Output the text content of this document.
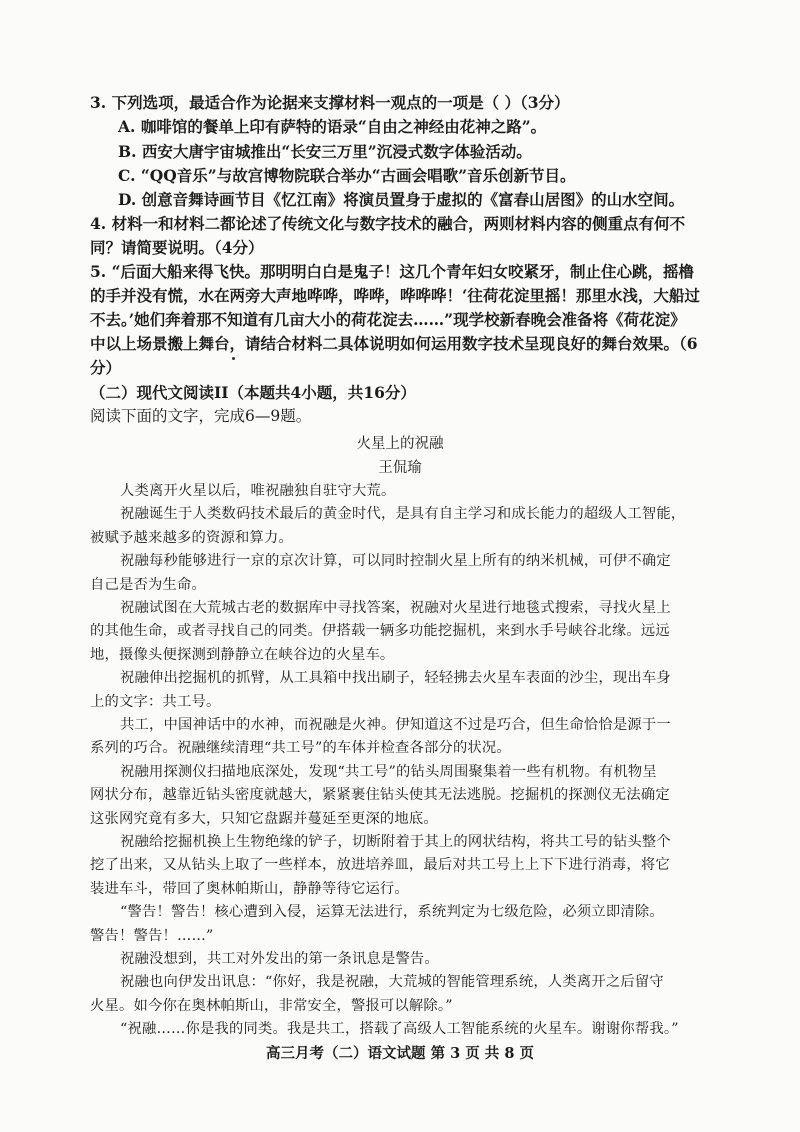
3. 下列选项，最适合作为论据来支撑材料一观点的一项是（ ）（3分）
A. 咖啡馆的餐单上印有萨特的语录“自由之神经由花神之路”。
B. 西安大唐宇宙城推出“长安三万里”沉浸式数字体验活动。
C. “QQ音乐”与故宫博物院联合举办“古画会唱歌”音乐创新节目。
D. 创意音舞诗画节目《忆江南》将演员置身于虚拟的《富春山居图》的山水空间。
4. 材料一和材料二都论述了传统文化与数字技术的融合，两则材料内容的侧重点有何不
同？请简要说明。（4分）
5. “后面大船来得飞快。那明明白白是鬼子！这几个青年妇女咬紧牙，制止住心跳，摇橹
的手并没有慌，水在两旁大声地哗哗，哗哗，哗哗哗！‘往荷花淀里摇！那里水浅，大船过
不去。’她们奔着那不知道有几亩大小的荷花淀去……”现学校新春晚会准备将《荷花淀》
中以上场景搬上舞台，请结合材料二具体说明如何运用数字技术呈现良好的舞台效果。（6
分）
（二）现代文阅读II（本题共4小题，共16分）
阅读下面的文字，完成6—9题。
火星上的祝融
王侃瑜
人类离开火星以后，唯祝融独自驻守大荒。
祝融诞生于人类数码技术最后的黄金时代，是具有自主学习和成长能力的超级人工智能，
被赋予越来越多的资源和算力。
祝融每秒能够进行一京的京次计算，可以同时控制火星上所有的纳米机械，可伊不确定
自己是否为生命。
祝融试图在大荒城古老的数据库中寻找答案，祝融对火星进行地毯式搜索，寻找火星上
的其他生命，或者寻找自己的同类。伊搭载一辆多功能挖掘机，来到水手号峡谷北缘。远远
地，摄像头便探测到静静立在峡谷边的火星车。
祝融伸出挖掘机的抓臂，从工具箱中找出刷子，轻轻拂去火星车表面的沙尘，现出车身
上的文字：共工号。
共工，中国神话中的水神，而祝融是火神。伊知道这不过是巧合，但生命恰恰是源于一
系列的巧合。祝融继续清理“共工号”的车体并检查各部分的状况。
祝融用探测仪扫描地底深处，发现“共工号”的钻头周围聚集着一些有机物。有机物呈
网状分布，越靠近钻头密度就越大，紧紧裹住钻头使其无法逃脱。挖掘机的探测仪无法确定
这张网究竟有多大，只知它盘踞并蔓延至更深的地底。
祝融给挖掘机换上生物绝缘的铲子，切断附着于其上的网状结构，将共工号的钻头整个
挖了出来，又从钻头上取了一些样本，放进培养皿，最后对共工号上上下下进行消毒，将它
装进车斗，带回了奥林帕斯山，静静等待它运行。
“警告！警告！核心遭到入侵，运算无法进行，系统判定为七级危险，必须立即清除。
警告！警告！……”
祝融没想到，共工对外发出的第一条讯息是警告。
祝融也向伊发出讯息：“你好，我是祝融，大荒城的智能管理系统，人类离开之后留守
火星。如今你在奥林帕斯山，非常安全，警报可以解除。”
“祝融……你是我的同类。我是共工，搭载了高级人工智能系统的火星车。谢谢你帮我。”
高三月考（二）语文试题 第 3 页 共 8 页
